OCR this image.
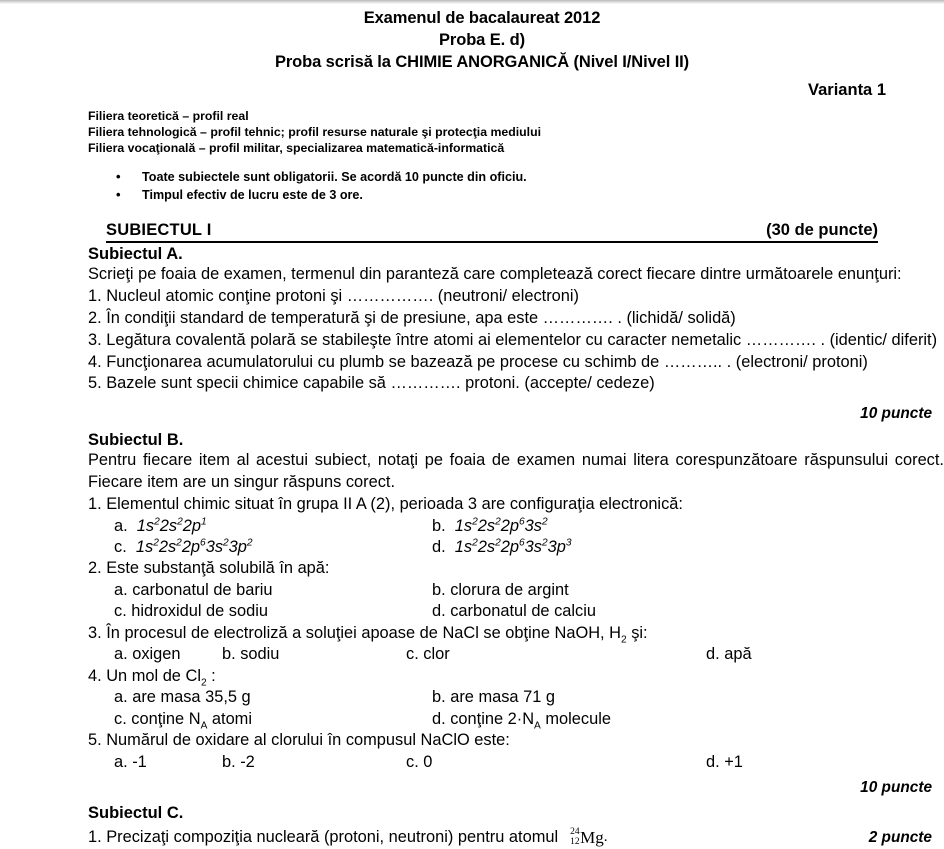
Examenul de bacalaureat 2012
Proba E. d)
Proba scrisă la CHIMIE ANORGANICĂ (Nivel I/Nivel II)
Varianta 1
Filiera teoretică – profil real
Filiera tehnologică – profil tehnic; profil resurse naturale şi protecţia mediului
Filiera vocaţională – profil militar, specializarea matematică-informatică
•	Toate subiectele sunt obligatorii. Se acordă 10 puncte din oficiu.
•	Timpul efectiv de lucru este de 3 ore.
SUBIECTUL I	(30 de puncte)
Subiectul A.
Scrieţi pe foaia de examen, termenul din paranteză care completează corect fiecare dintre următoarele enunţuri:
1. Nucleul atomic conţine protoni şi ……………. (neutroni/ electroni)
2. În condiţii standard de temperatură şi de presiune, apa este …………. . (lichidă/ solidă)
3. Legătura covalentă polară se stabileşte între atomi ai elementelor cu caracter nemetalic …………. . (identic/ diferit)
4. Funcţionarea acumulatorului cu plumb se bazează pe procese cu schimb de ……….. . (electroni/ protoni)
5. Bazele sunt specii chimice capabile să …………. protoni. (accepte/ cedeze)
10 puncte
Subiectul B.
Pentru fiecare item al acestui subiect, notaţi pe foaia de examen numai litera corespunzătoare răspunsului corect. Fiecare item are un singur răspuns corect.
1. Elementul chimic situat în grupa II A (2), perioada 3 are configuraţia electronică:
a.  $1s^22s^22p^1$	b.  $1s^22s^22p^63s^2$
c.  $1s^22s^22p^63s^23p^2$	d.  $1s^22s^22p^63s^23p^3$
2. Este substanţă solubilă în apă:
a. carbonatul de bariu	b. clorura de argint
c. hidroxidul de sodiu	d. carbonatul de calciu
3. În procesul de electroliză a soluţiei apoase de NaCl se obţine NaOH, $H_2$ şi:
a. oxigen	b. sodiu	c. clor	d. apă
4. Un mol de $Cl_2$ :
a. are masa 35,5 g	b. are masa 71 g
c. conţine $N_A$ atomi	d. conţine $2\cdot N_A$ molecule
5. Numărul de oxidare al clorului în compusul NaClO este:
a. -1	b. -2	c. 0	d. +1
10 puncte
Subiectul C.
1. Precizaţi compoziţia nucleară (protoni, neutroni) pentru atomul 24
12 Mg.	2 puncte
